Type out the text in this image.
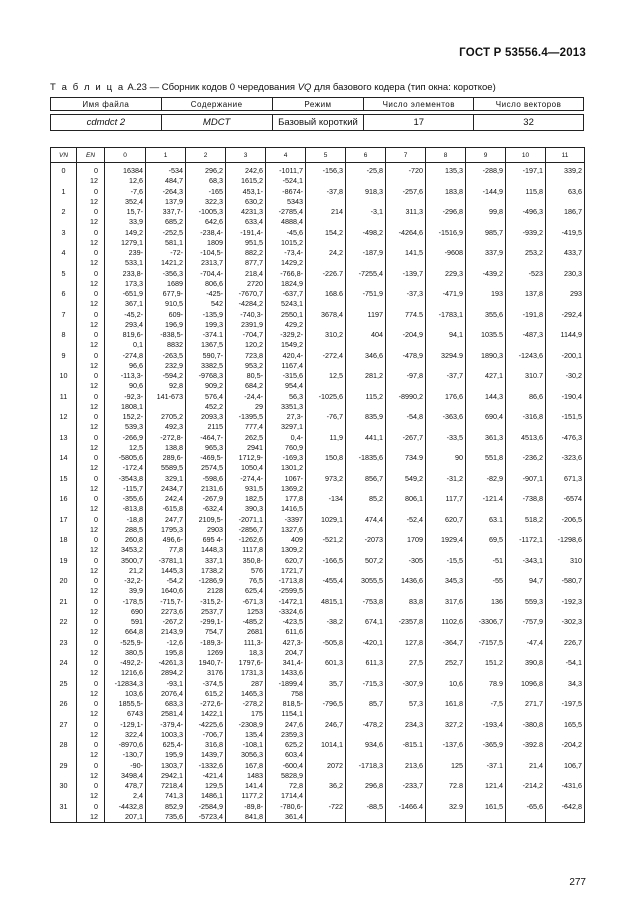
ГОСТ Р 53556.4—2013
Т а б л и ц а А.23 — Сборник кодов 0 чередования VQ для базового кодера (тип окна: короткое)
Имя файла	Содержание	Режим	Число элементов	Число векторов

cdmdct 2	MDCT	Базовый короткий	17	32
VN	EN	0	1	2	3	4	5	6	7	8	9	10	11
0	0	16384	-534	296,2	242,6	-1011,7	-156,3	-25,8	-720	135,3	-288,9	-197,1	339,2
	12	12,6	484,7	68,3	1615,2	-524,1							
1	0	-7,6	-264,3	-165	453,1-	-8674-	-37,8	918,3	-257,6	183,8	-144,9	115,8	63,6
	12	352,4	137,9	322,3	630,2	5343							
2	0	15,7-	337,7-	-1005,3	4231,3	-2785,4	214	-3,1	311,3	-296,8	99,8	-496,3	186,7
	12	33,9	685,2	642,6	633,4	4888,4							
3	0	149,2	-252,5	-238,4-	-191,4-	-45,6	154,2	-498,2	-4264,6	-1516,9	985,7	-939,2	-419,5
	12	1279,1	581,1	1809	951,5	1015,2							
4	0	239-	-72-	-104,5-	882,2	-73,4-	24,2	-187,9	141,5	-9608	337,9	253,2	433,7
	12	533,1	1421,2	2313,7	877,7	1429,2							
5	0	233,8-	-356,3	-704,4-	218,4	-766,8-	-226.7	-7255,4	-139,7	229,3	-439,2	-523	230,3
	12	173,3	1689	806,6	2720	1824,9							
6	0	-651,9	677,9-	-425-	-7670,7	-637,7	168.6	-751,9	-37,3	-471,9	193	137,8	293
	12	367,1	910,5	542	-4284,2	5243,1							
7	0	-45,2-	609-	-135,9	-740,3-	2550,1	3678,4	1197	774.5	-1783,1	355,6	-191,8	-292,4
	12	293,4	196,9	199,3	2391,9	429,2							
8	0	819,6-	-838,5-	-374.1	-704,7	-329,2-	310,2	404	-204,9	94,1	1035.5	-487,3	1144,9
	12	0,1	8832	1367,5	120,2	1549,2							
9	0	-274,8	-263,5	590,7-	723,8	420,4-	-272,4	346,6	-478,9	3294.9	1890,3	-1243,6	-200,1
	12	96,6	232,9	3382,5	953,2	1167,4							
10	0	-113,3-	-594,2	-9768,3	80,5-	-315,6	12,5	281,2	-97,8	-37,7	427,1	310.7	-30,2
	12	90,6	92,8	909,2	684,2	954,4							
11	0	-92,3-	141-673	576,4	-24,4-	56,3	-1025,6	115,2	-8990,2	176,6	144,3	86,6	-190,4
	12	1808,1		452,2	29	3351,3							
12	0	152,2-	2705,2	2093,3	-1395,5	27,3-	-76,7	835,9	-54,8	-363,6	690,4	-316,8	-151,5
	12	539,3	492,3	2115	777,4	3297,1							
13	0	-266,9	-272,8-	-464,7-	262,5	0,4-	11,9	441,1	-267,7	-33,5	361,3	4513,6	-476,3
	12	12,5	138,8	965,3	2941	760,9							
14	0	-5805,6	289,6-	-469,5-	1712,9-	-169,3	150,8	-1835,6	734.9	90	551,8	-236,2	-323,6
	12	-172,4	5589,5	2574,5	1050,4	1301,2							
15	0	-3543,8	329,1	-598,6	-274,4-	1067-	973,2	856,7	549,2	-31,2	-82,9	-907,1	671,3
	12	-115,7	2434,7	2131,6	931,5	1369,2							
16	0	-355,6	242,4	-267,9	182,5	177,8	-134	85,2	806,1	117,7	-121.4	-738,8	-6574
	12	-813,8	-615,8	-632,4	390,3	1416,5							
17	0	-18,8	247,7	2109,5-	-2071,1	-3397	1029,1	474,4	-52,4	620,7	63.1	518,2	-206,5
	12	288,5	1795,3	2903	-2856,7	1327,6							
18	0	260,8	496,6-	695 4-	-1262,6	409	-521,2	-2073	1709	1929,4	69,5	-1172,1	-1298,6
	12	3453,2	77,8	1448,3	1117,8	1309,2							
19	0	3500,7	-3781,1	337,1	350,8-	620,7	-166,5	507,2	-305	-15,5	-51	-343,1	310
	12	21,2	1445,3	1738,2	576	1721,7							
20	0	-32,2-	-54,2	-1286,9	76,5	-1713,8	-455,4	3055,5	1436,6	345,3	-55	94,7	-580,7
	12	39,9	1640,6	2128	625,4	-2599,5							
21	0	-178,5	-715,7-	-315,2-	-671,3	-1472,1	4815,1	-753,8	83,8	317,6	136	559,3	-192,3
	12	690	2273,6	2537,7	1253	-3324,6							
22	0	591	-267,2	-299,1-	-485,2	-423,5	-38,2	674,1	-2357,8	1102,6	-3306,7	-757,9	-302,3
	12	664,8	2143,9	754,7	2681	611,6							
23	0	-525,9-	-12,6	-189,3-	111,3-	427,3-	-505,8	-420,1	127,8	-364,7	-7157,5	-47,4	226,7
	12	380,5	195,8	1269	18,3	204,7							
24	0	-492,2-	-4261,3	1940,7-	1797,6-	341,4-	601,3	611,3	27,5	252,7	151,2	390,8	-54,1
	12	1216,6	2894,2	3176	1731,3	1433,6							
25	0	-12834,3	-93,1	-374,5	287	-1899,4	35,7	-715,3	-307,9	10,6	78.9	1096,8	34,3
	12	103,6	2076,4	615,2	1465,3	758							
26	0	1855,5-	683,3	-272,6-	-278,2	818,5-	-796,5	85,7	57,3	161,8	-7,5	271,7	-197,5
	12	6743	2581,4	1422,1	175	1154,1							
27	0	-129,1-	-379,4-	-4225,6	-2308,9	247,6	246,7	-478,2	234,3	327,2	-193,4	-380,8	165,5
	12	322,4	1003,3	-706,7	135,4	2359,3							
28	0	-8970,6	625,4-	316,8	-108,1	625,2	1014,1	934,6	-815.1	-137,6	-365,9	-392.8	-204,2
	12	-130,7	195,9	1439,7	3056,3	603,4							
29	0	-90-	1303,7	-1332,6	167,8	-600,4	2072	-1718,3	213,6	125	-37.1	21,4	106,7
	12	3498,4	2942,1	-421,4	1483	5828,9							
30	0	478,7	7218,4	129,5	141,4	72,8	36,2	296,8	-233,7	72.8	121,4	-214,2	-431,6
	12	2,4	741,3	1486,1	1177,2	1714,4							
31	0	-4432,8	852,9	-2584,9	-89,8-	-780,6-	-722	-88,5	-1466.4	32.9	161,5	-65,6	-642,8
	12	207,1	735,6	-5723,4	841,8	361,4							
277
